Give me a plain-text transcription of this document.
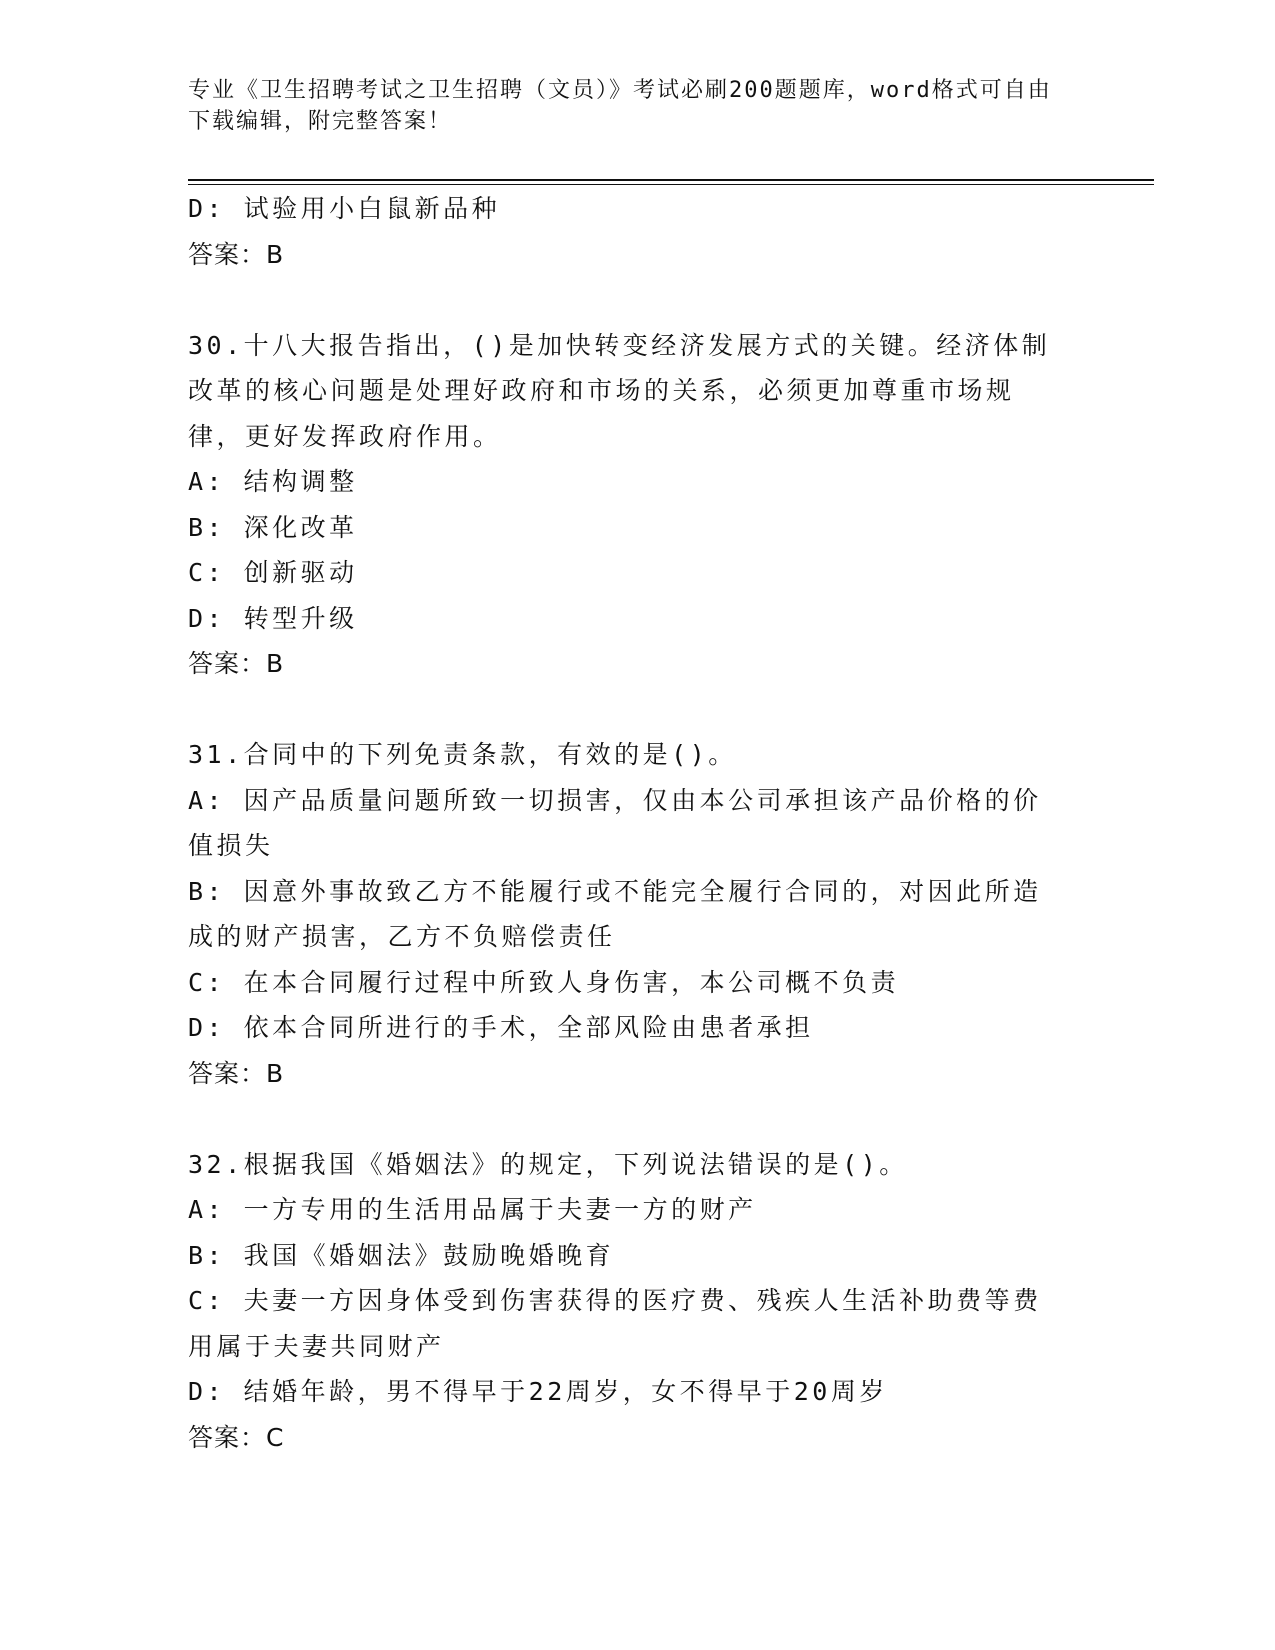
专业《卫生招聘考试之卫生招聘（文员）》考试必刷200题题库，word格式可自由下载编辑，附完整答案！
D: 试验用小白鼠新品种
答案：B
30.十八大报告指出，()是加快转变经济发展方式的关键。经济体制改革的核心问题是处理好政府和市场的关系，必须更加尊重市场规律，更好发挥政府作用。
A: 结构调整
B: 深化改革
C: 创新驱动
D: 转型升级
答案：B
31.合同中的下列免责条款，有效的是()。
A: 因产品质量问题所致一切损害，仅由本公司承担该产品价格的价值损失
B: 因意外事故致乙方不能履行或不能完全履行合同的，对因此所造成的财产损害，乙方不负赔偿责任
C: 在本合同履行过程中所致人身伤害，本公司概不负责
D: 依本合同所进行的手术，全部风险由患者承担
答案：B
32.根据我国《婚姻法》的规定，下列说法错误的是()。
A: 一方专用的生活用品属于夫妻一方的财产
B: 我国《婚姻法》鼓励晚婚晚育
C: 夫妻一方因身体受到伤害获得的医疗费、残疾人生活补助费等费用属于夫妻共同财产
D: 结婚年龄，男不得早于22周岁，女不得早于20周岁
答案：C
